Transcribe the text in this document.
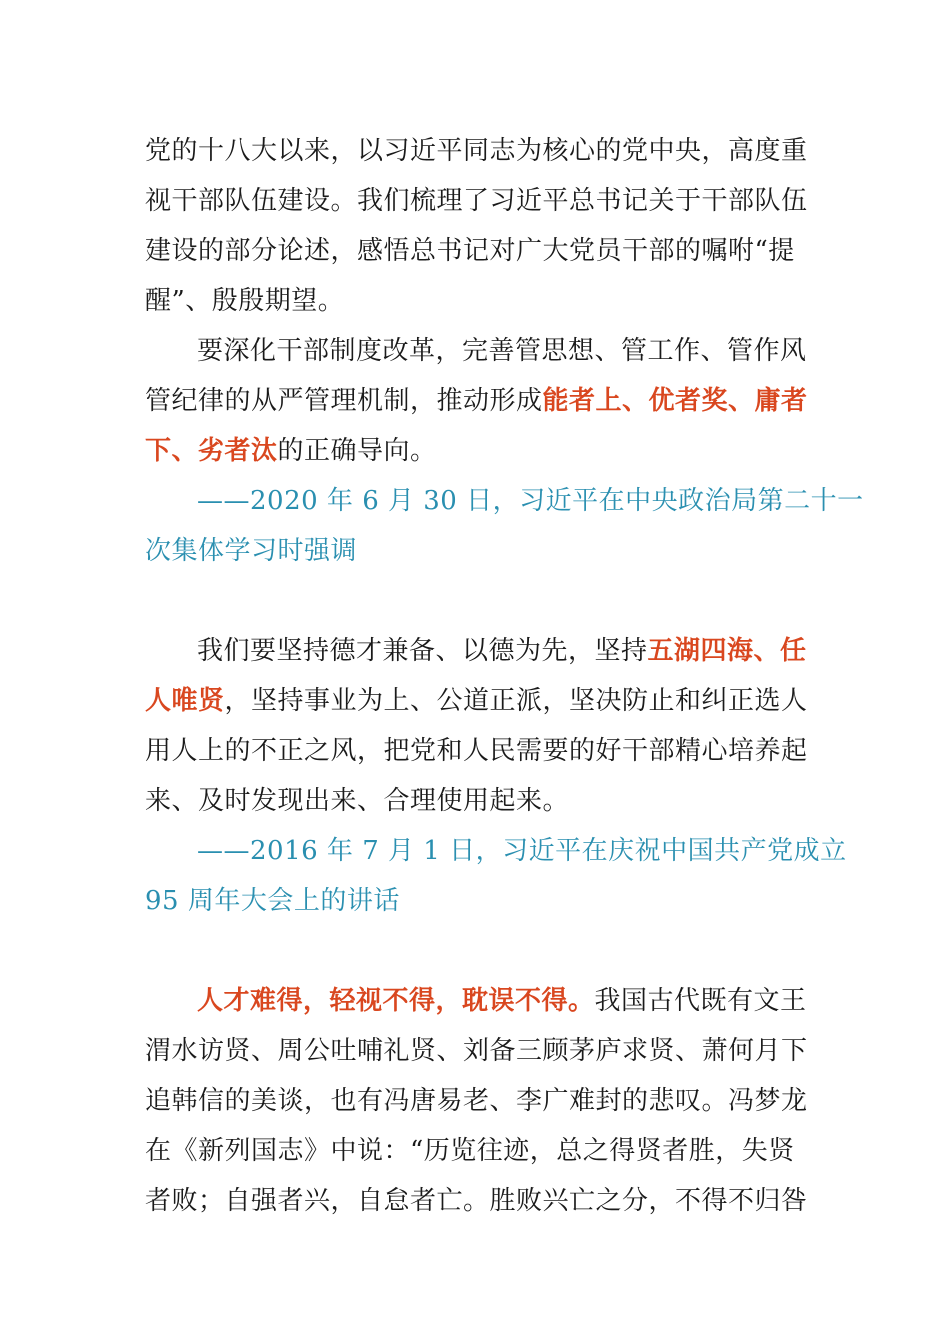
党的十八大以来，以习近平同志为核心的党中央，高度重
视干部队伍建设。我们梳理了习近平总书记关于干部队伍
建设的部分论述，感悟总书记对广大党员干部的嘱咐“提
醒”、殷殷期望。
要深化干部制度改革，完善管思想、管工作、管作风
管纪律的从严管理机制，推动形成能者上、优者奖、庸者
下、劣者汰的正确导向。
——2020 年 6 月 30 日，习近平在中央政治局第二十一
次集体学习时强调
我们要坚持德才兼备、以德为先，坚持五湖四海、任
人唯贤，坚持事业为上、公道正派，坚决防止和纠正选人
用人上的不正之风，把党和人民需要的好干部精心培养起
来、及时发现出来、合理使用起来。
——2016 年 7 月 1 日，习近平在庆祝中国共产党成立
95 周年大会上的讲话
人才难得，轻视不得，耽误不得。我国古代既有文王
渭水访贤、周公吐哺礼贤、刘备三顾茅庐求贤、萧何月下
追韩信的美谈，也有冯唐易老、李广难封的悲叹。冯梦龙
在《新列国志》中说：“历览往迹，总之得贤者胜，失贤
者败；自强者兴，自怠者亡。胜败兴亡之分，不得不归咎
